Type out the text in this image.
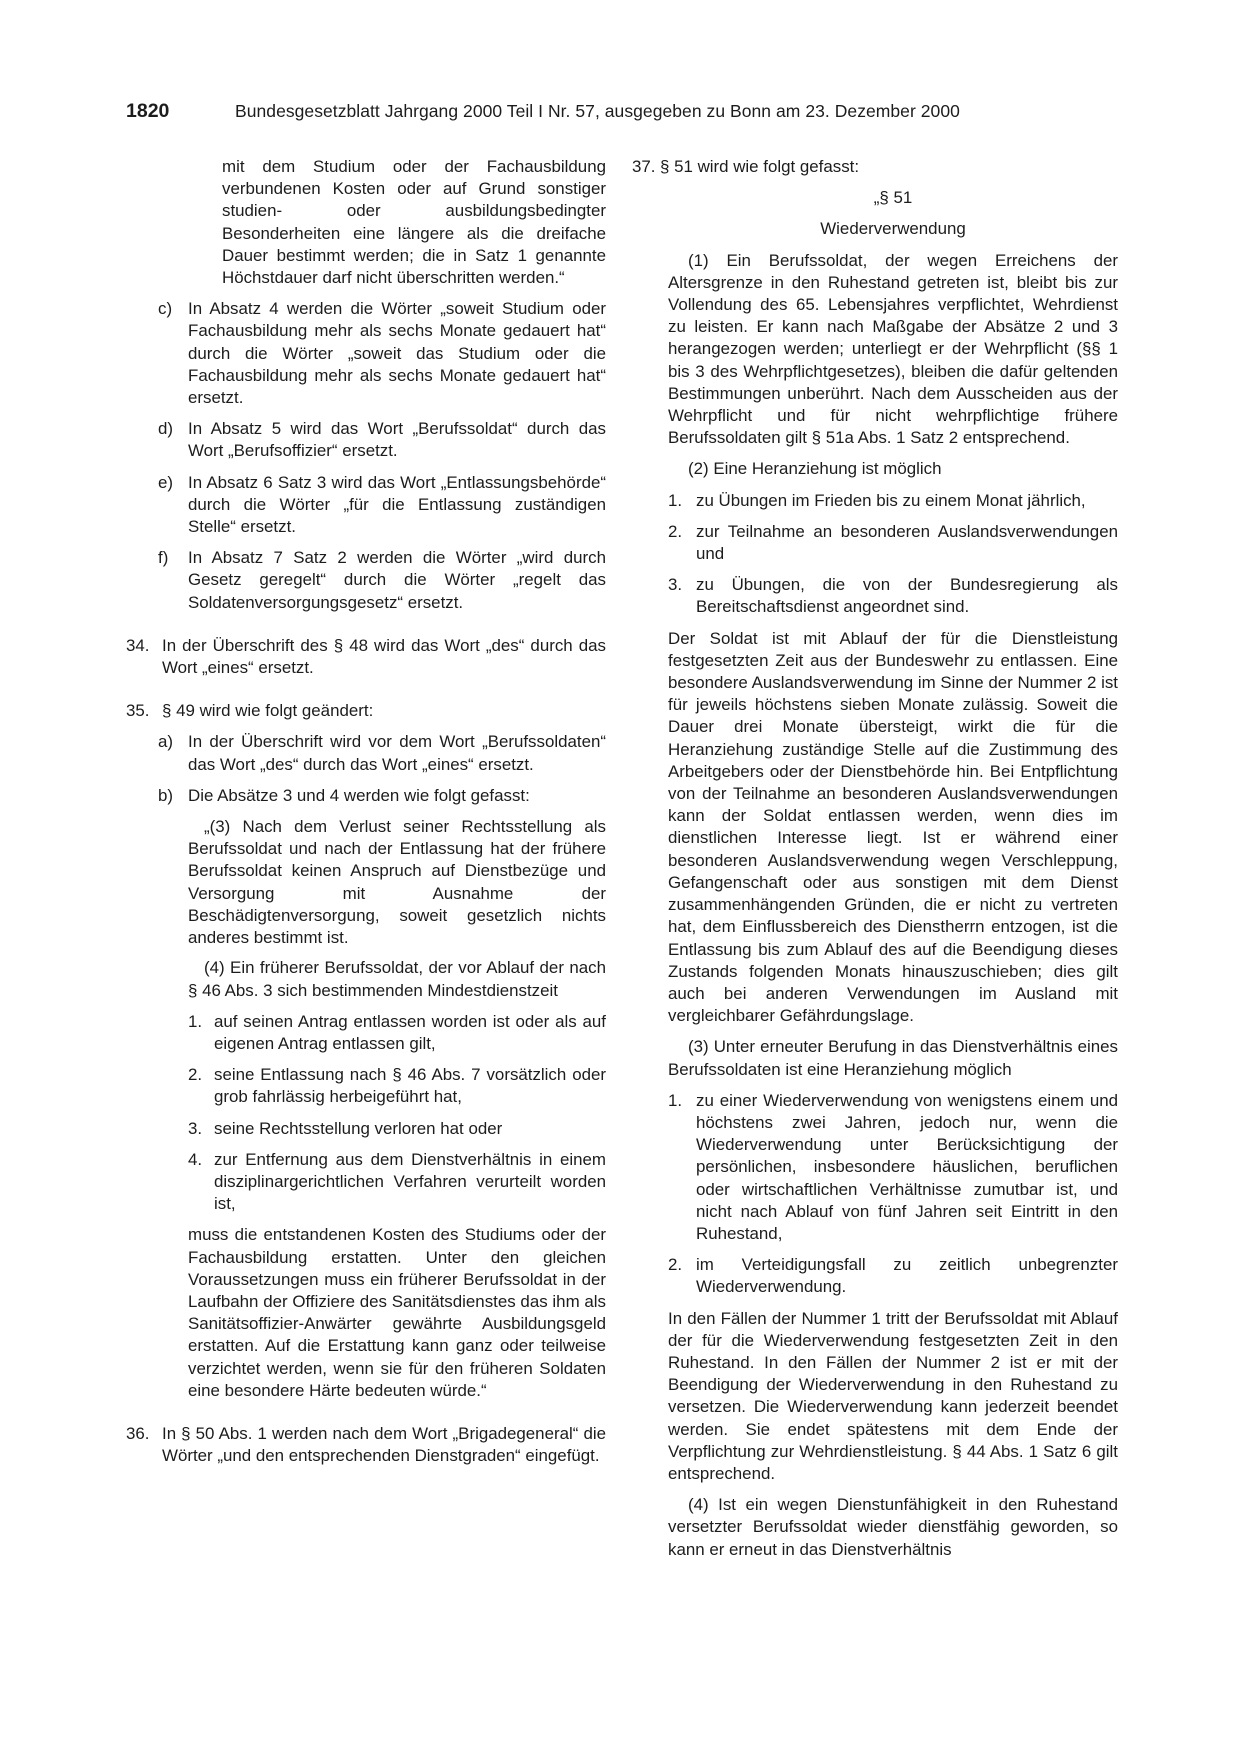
1820	Bundesgesetzblatt Jahrgang 2000 Teil I Nr. 57, ausgegeben zu Bonn am 23. Dezember 2000

mit dem Studium oder der Fachausbildung verbundenen Kosten oder auf Grund sonstiger studien- oder ausbildungsbedingter Besonderheiten eine längere als die dreifache Dauer bestimmt werden; die in Satz 1 genannte Höchstdauer darf nicht überschritten werden.“

c) In Absatz 4 werden die Wörter „soweit Studium oder Fachausbildung mehr als sechs Monate gedauert hat“ durch die Wörter „soweit das Studium oder die Fachausbildung mehr als sechs Monate gedauert hat“ ersetzt.

d) In Absatz 5 wird das Wort „Berufssoldat“ durch das Wort „Berufsoffizier“ ersetzt.

e) In Absatz 6 Satz 3 wird das Wort „Entlassungsbehörde“ durch die Wörter „für die Entlassung zuständigen Stelle“ ersetzt.

f) In Absatz 7 Satz 2 werden die Wörter „wird durch Gesetz geregelt“ durch die Wörter „regelt das Soldatenversorgungsgesetz“ ersetzt.

34. In der Überschrift des § 48 wird das Wort „des“ durch das Wort „eines“ ersetzt.

35. § 49 wird wie folgt geändert:

a) In der Überschrift wird vor dem Wort „Berufssoldaten“ das Wort „des“ durch das Wort „eines“ ersetzt.

b) Die Absätze 3 und 4 werden wie folgt gefasst:

„(3) Nach dem Verlust seiner Rechtsstellung als Berufssoldat und nach der Entlassung hat der frühere Berufssoldat keinen Anspruch auf Dienstbezüge und Versorgung mit Ausnahme der Beschädigtenversorgung, soweit gesetzlich nichts anderes bestimmt ist.

(4) Ein früherer Berufssoldat, der vor Ablauf der nach § 46 Abs. 3 sich bestimmenden Mindestdienstzeit

1. auf seinen Antrag entlassen worden ist oder als auf eigenen Antrag entlassen gilt,

2. seine Entlassung nach § 46 Abs. 7 vorsätzlich oder grob fahrlässig herbeigeführt hat,

3. seine Rechtsstellung verloren hat oder

4. zur Entfernung aus dem Dienstverhältnis in einem disziplinargerichtlichen Verfahren verurteilt worden ist,

muss die entstandenen Kosten des Studiums oder der Fachausbildung erstatten. Unter den gleichen Voraussetzungen muss ein früherer Berufssoldat in der Laufbahn der Offiziere des Sanitätsdienstes das ihm als Sanitätsoffizier-Anwärter gewährte Ausbildungsgeld erstatten. Auf die Erstattung kann ganz oder teilweise verzichtet werden, wenn sie für den früheren Soldaten eine besondere Härte bedeuten würde.“

36. In § 50 Abs. 1 werden nach dem Wort „Brigadegeneral“ die Wörter „und den entsprechenden Dienstgraden“ eingefügt.

37. § 51 wird wie folgt gefasst:

„§ 51

Wiederverwendung

(1) Ein Berufssoldat, der wegen Erreichens der Altersgrenze in den Ruhestand getreten ist, bleibt bis zur Vollendung des 65. Lebensjahres verpflichtet, Wehrdienst zu leisten. Er kann nach Maßgabe der Absätze 2 und 3 herangezogen werden; unterliegt er der Wehrpflicht (§§ 1 bis 3 des Wehrpflichtgesetzes), bleiben die dafür geltenden Bestimmungen unberührt. Nach dem Ausscheiden aus der Wehrpflicht und für nicht wehrpflichtige frühere Berufssoldaten gilt § 51a Abs. 1 Satz 2 entsprechend.

(2) Eine Heranziehung ist möglich

1. zu Übungen im Frieden bis zu einem Monat jährlich,

2. zur Teilnahme an besonderen Auslandsverwendungen und

3. zu Übungen, die von der Bundesregierung als Bereitschaftsdienst angeordnet sind.

Der Soldat ist mit Ablauf der für die Dienstleistung festgesetzten Zeit aus der Bundeswehr zu entlassen. Eine besondere Auslandsverwendung im Sinne der Nummer 2 ist für jeweils höchstens sieben Monate zulässig. Soweit die Dauer drei Monate übersteigt, wirkt die für die Heranziehung zuständige Stelle auf die Zustimmung des Arbeitgebers oder der Dienstbehörde hin. Bei Entpflichtung von der Teilnahme an besonderen Auslandsverwendungen kann der Soldat entlassen werden, wenn dies im dienstlichen Interesse liegt. Ist er während einer besonderen Auslandsverwendung wegen Verschleppung, Gefangenschaft oder aus sonstigen mit dem Dienst zusammenhängenden Gründen, die er nicht zu vertreten hat, dem Einflussbereich des Dienstherrn entzogen, ist die Entlassung bis zum Ablauf des auf die Beendigung dieses Zustands folgenden Monats hinauszuschieben; dies gilt auch bei anderen Verwendungen im Ausland mit vergleichbarer Gefährdungslage.

(3) Unter erneuter Berufung in das Dienstverhältnis eines Berufssoldaten ist eine Heranziehung möglich

1. zu einer Wiederverwendung von wenigstens einem und höchstens zwei Jahren, jedoch nur, wenn die Wiederverwendung unter Berücksichtigung der persönlichen, insbesondere häuslichen, beruflichen oder wirtschaftlichen Verhältnisse zumutbar ist, und nicht nach Ablauf von fünf Jahren seit Eintritt in den Ruhestand,

2. im Verteidigungsfall zu zeitlich unbegrenzter Wiederverwendung.

In den Fällen der Nummer 1 tritt der Berufssoldat mit Ablauf der für die Wiederverwendung festgesetzten Zeit in den Ruhestand. In den Fällen der Nummer 2 ist er mit der Beendigung der Wiederverwendung in den Ruhestand zu versetzen. Die Wiederverwendung kann jederzeit beendet werden. Sie endet spätestens mit dem Ende der Verpflichtung zur Wehrdienstleistung. § 44 Abs. 1 Satz 6 gilt entsprechend.

(4) Ist ein wegen Dienstunfähigkeit in den Ruhestand versetzter Berufssoldat wieder dienstfähig geworden, so kann er erneut in das Dienstverhältnis
